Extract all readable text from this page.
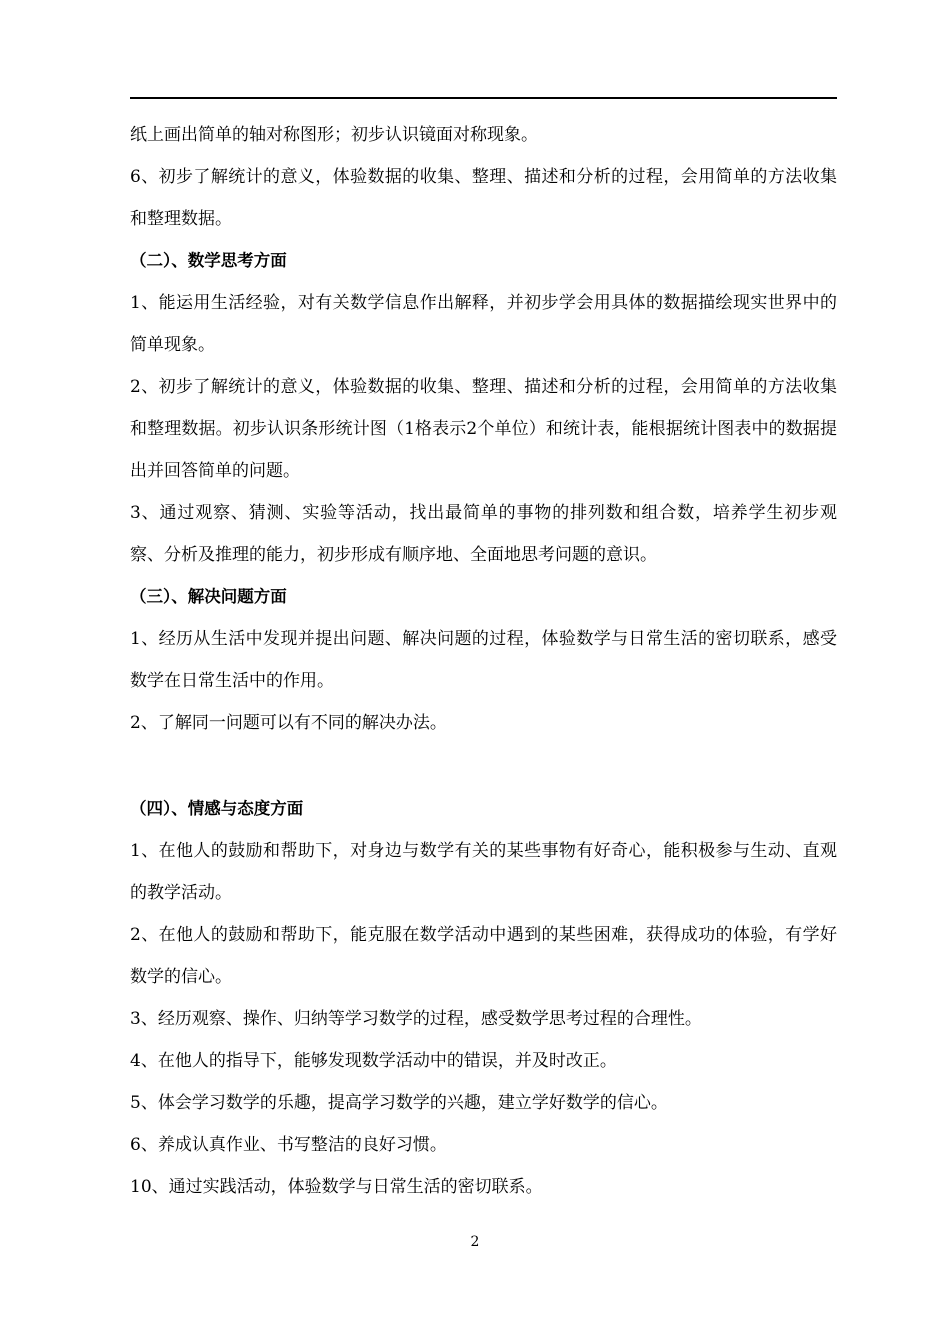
纸上画出简单的轴对称图形；初步认识镜面对称现象。

6、初步了解统计的意义，体验数据的收集、整理、描述和分析的过程，会用简单的方法收集和整理数据。

（二）、数学思考方面

1、能运用生活经验，对有关数学信息作出解释，并初步学会用具体的数据描绘现实世界中的简单现象。

2、初步了解统计的意义，体验数据的收集、整理、描述和分析的过程，会用简单的方法收集和整理数据。初步认识条形统计图（1格表示2个单位）和统计表，能根据统计图表中的数据提出并回答简单的问题。

3、通过观察、猜测、实验等活动，找出最简单的事物的排列数和组合数，培养学生初步观察、分析及推理的能力，初步形成有顺序地、全面地思考问题的意识。

（三）、解决问题方面

1、经历从生活中发现并提出问题、解决问题的过程，体验数学与日常生活的密切联系，感受数学在日常生活中的作用。

2、了解同一问题可以有不同的解决办法。

（四）、情感与态度方面

1、在他人的鼓励和帮助下，对身边与数学有关的某些事物有好奇心，能积极参与生动、直观的教学活动。

2、在他人的鼓励和帮助下，能克服在数学活动中遇到的某些困难，获得成功的体验，有学好数学的信心。

3、经历观察、操作、归纳等学习数学的过程，感受数学思考过程的合理性。

4、在他人的指导下，能够发现数学活动中的错误，并及时改正。

5、体会学习数学的乐趣，提高学习数学的兴趣，建立学好数学的信心。

6、养成认真作业、书写整洁的良好习惯。

10、通过实践活动，体验数学与日常生活的密切联系。

2
